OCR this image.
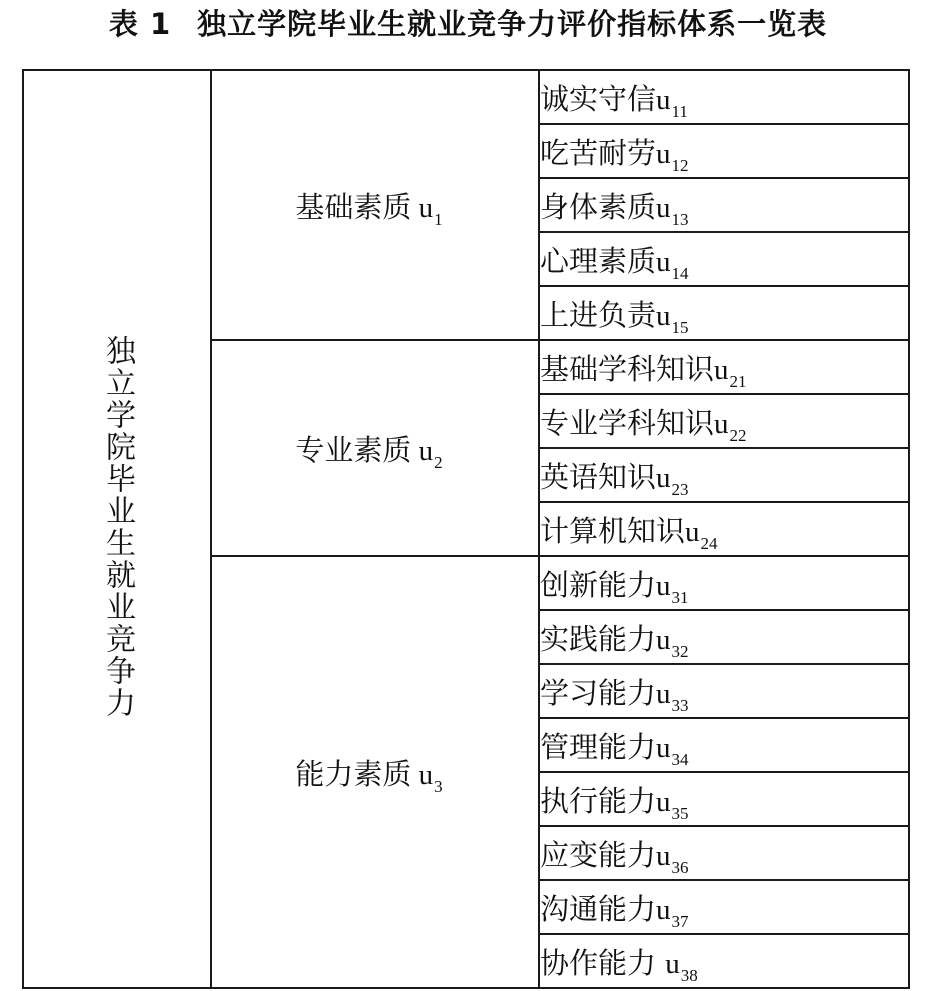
表 1 独立学院毕业生就业竞争力评价指标体系一览表
独立学院毕业生就业竞争力	基础素质 $u_1$	诚实守信$u_{11}$
		吃苦耐劳$u_{12}$
		身体素质$u_{13}$
		心理素质$u_{14}$
		上进负责$u_{15}$
	专业素质 $u_2$	基础学科知识$u_{21}$
		专业学科知识$u_{22}$
		英语知识$u_{23}$
		计算机知识$u_{24}$
	能力素质 $u_3$	创新能力$u_{31}$
		实践能力$u_{32}$
		学习能力$u_{33}$
		管理能力$u_{34}$
		执行能力$u_{35}$
		应变能力$u_{36}$
		沟通能力$u_{37}$
		协作能力 $u_{38}$
